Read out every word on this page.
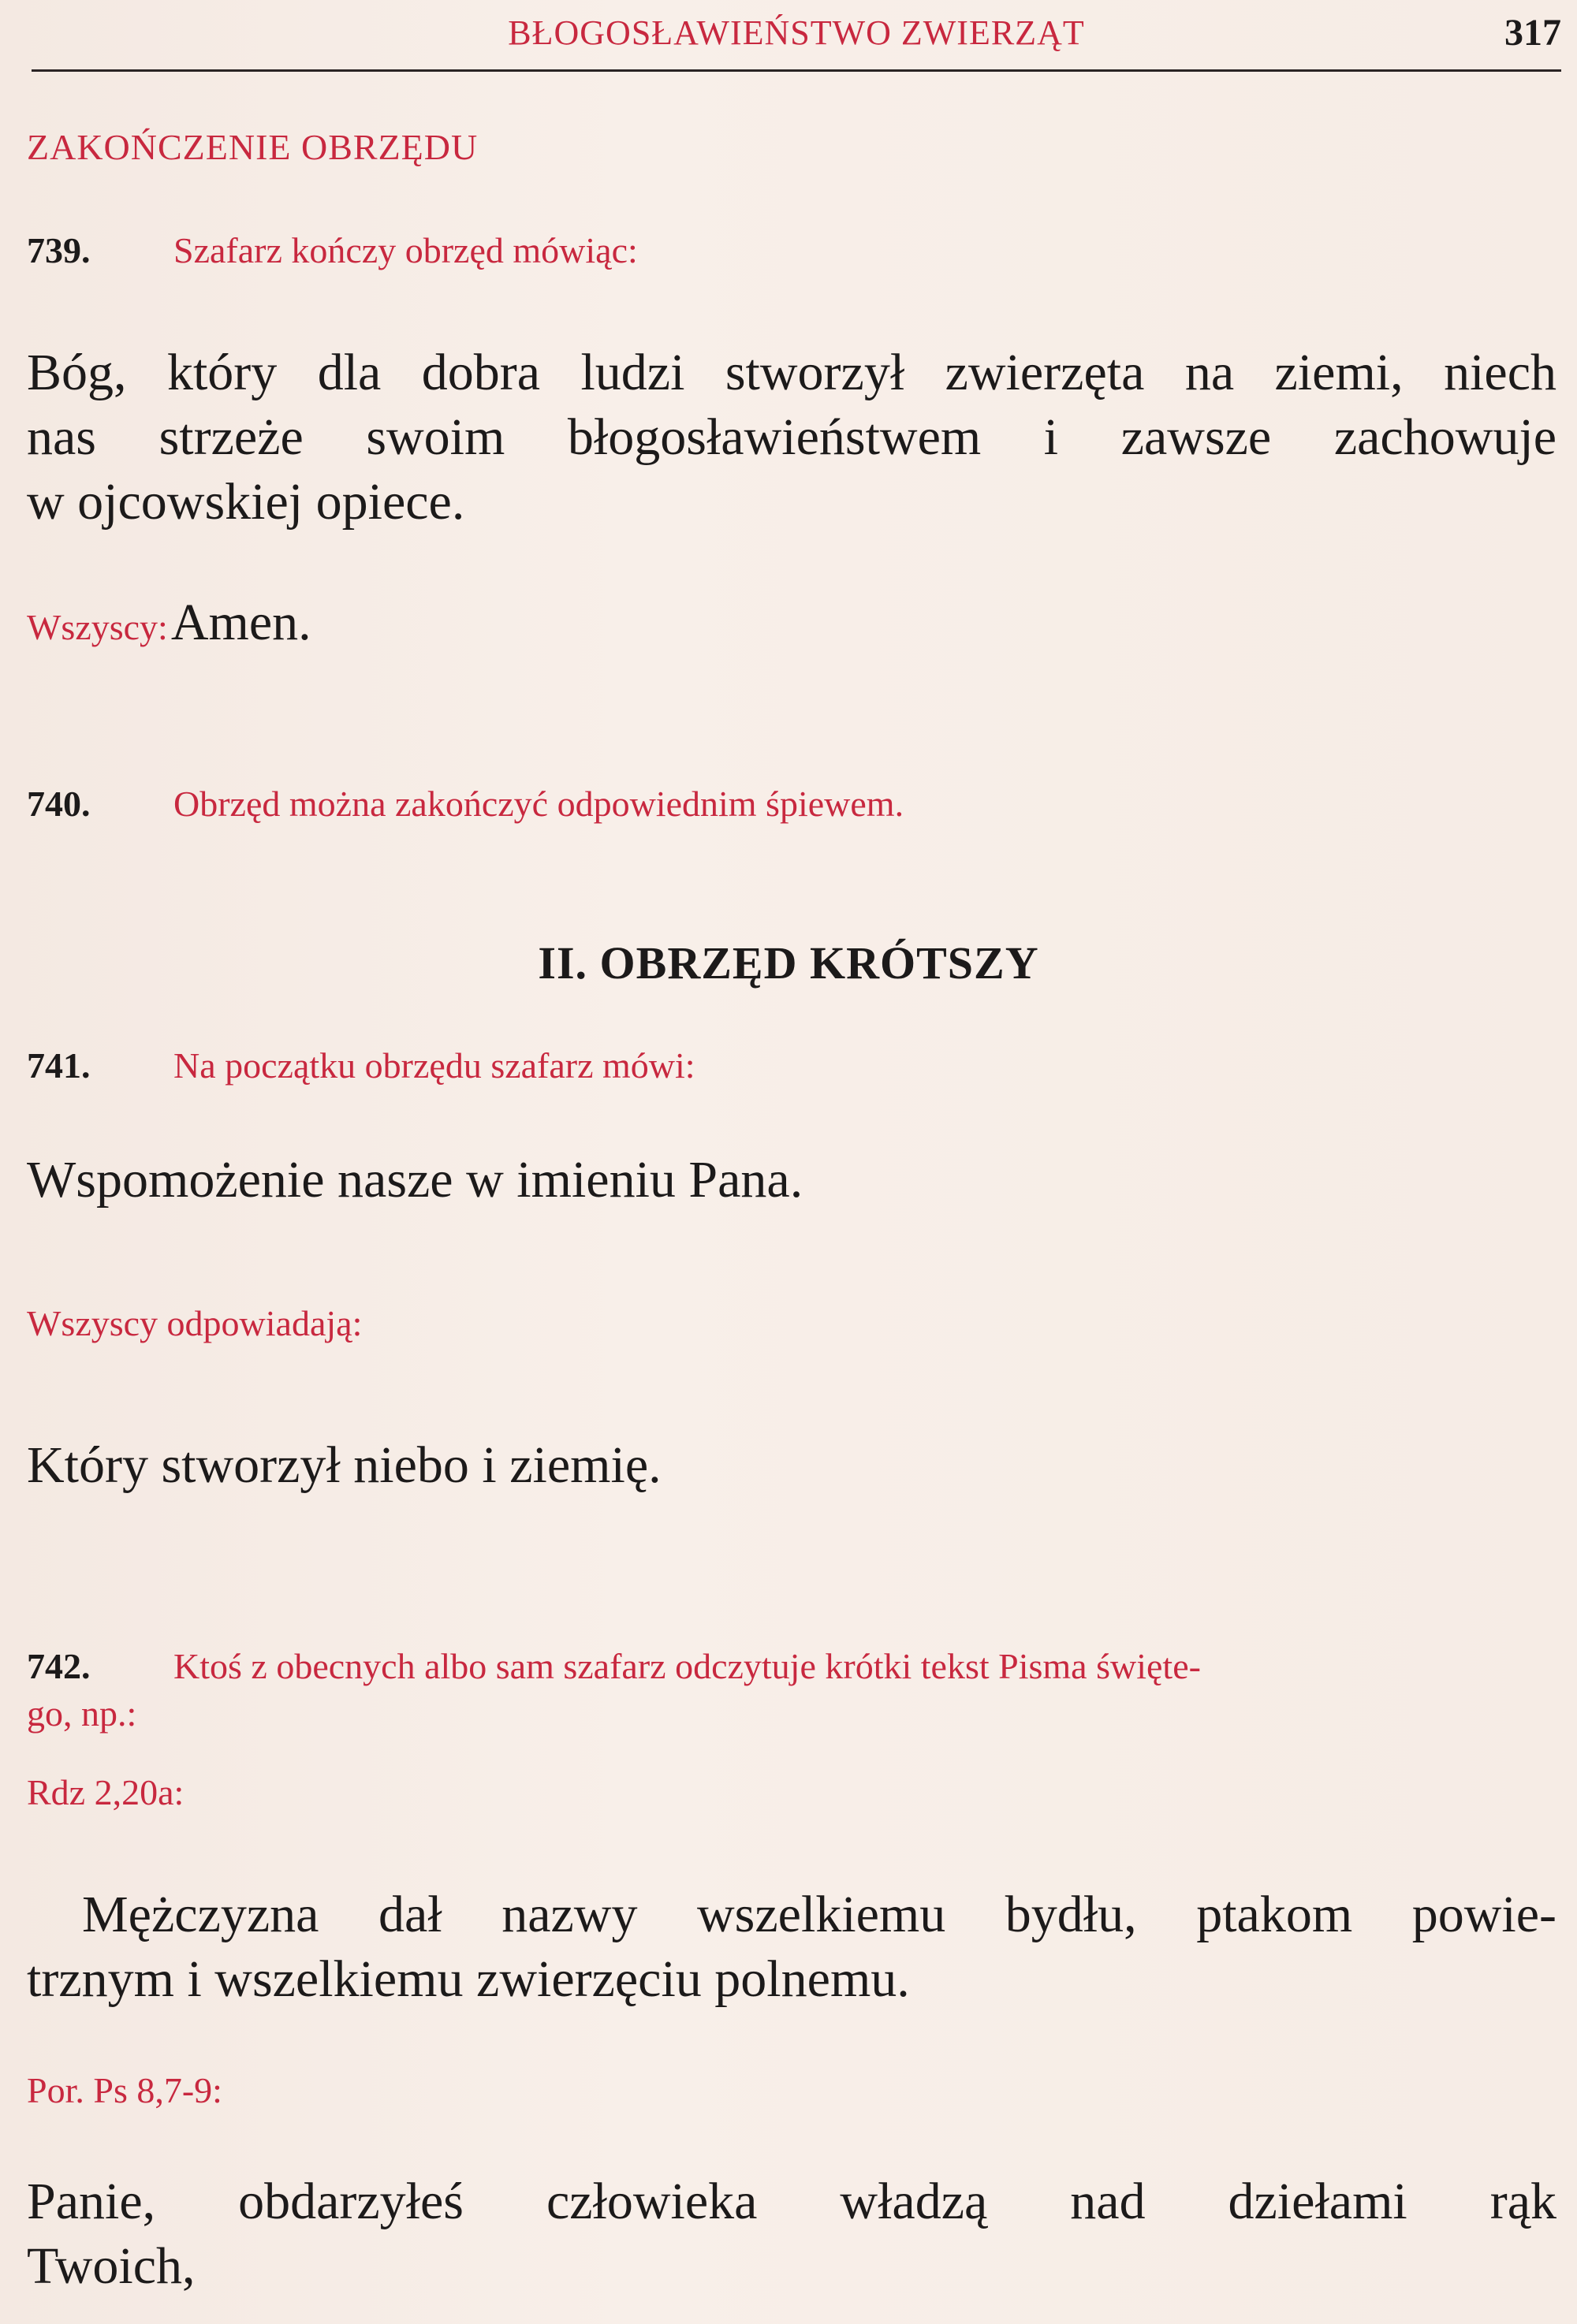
BŁOGOSŁAWIEŃSTWO ZWIERZĄT	317
ZAKOŃCZENIE OBRZĘDU
739. Szafarz kończy obrzęd mówiąc:
Bóg, który dla dobra ludzi stworzył zwierzęta na ziemi, niech
nas strzeże swoim błogosławieństwem i zawsze zachowuje
w ojcowskiej opiece.
Wszyscy: Amen.
740. Obrzęd można zakończyć odpowiednim śpiewem.
II. OBRZĘD KRÓTSZY
741. Na początku obrzędu szafarz mówi:
Wspomożenie nasze w imieniu Pana.
Wszyscy odpowiadają:
Który stworzył niebo i ziemię.
742. Ktoś z obecnych albo sam szafarz odczytuje krótki tekst Pisma święte-
go, np.:
Rdz 2,20a:
Mężczyzna dał nazwy wszelkiemu bydłu, ptakom powie-
trznym i wszelkiemu zwierzęciu polnemu.
Por. Ps 8,7-9:
Panie, obdarzyłeś człowieka władzą nad dziełami rąk
Twoich,
